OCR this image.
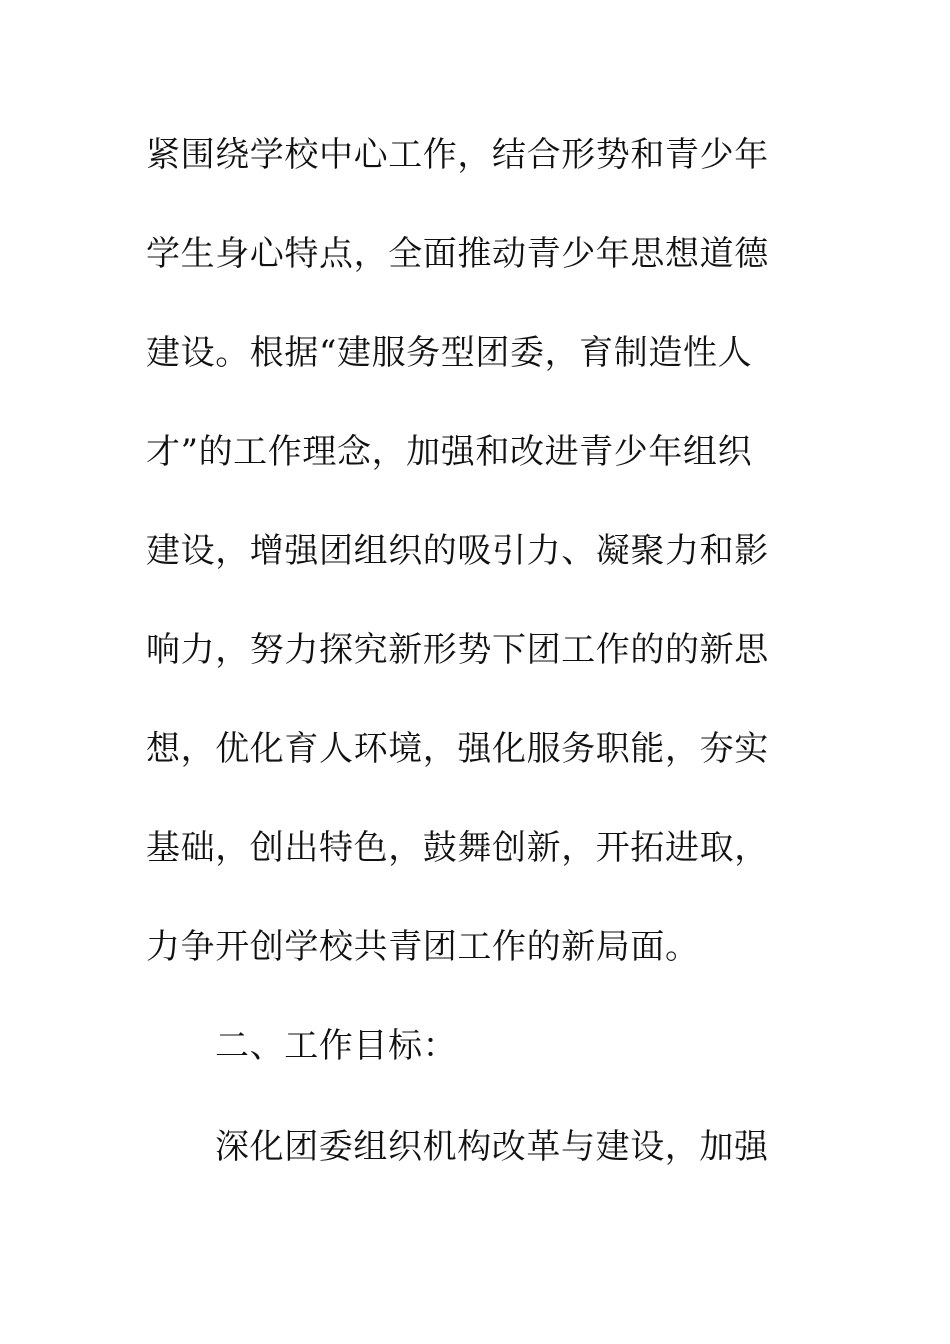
紧围绕学校中心工作，结合形势和青少年
学生身心特点，全面推动青少年思想道德
建设。根据“建服务型团委，育制造性人
才”的工作理念，加强和改进青少年组织
建设，增强团组织的吸引力、凝聚力和影
响力，努力探究新形势下团工作的的新思
想，优化育人环境，强化服务职能，夯实
基础，创出特色，鼓舞创新，开拓进取，
力争开创学校共青团工作的新局面。
二、工作目标：
深化团委组织机构改革与建设，加强
